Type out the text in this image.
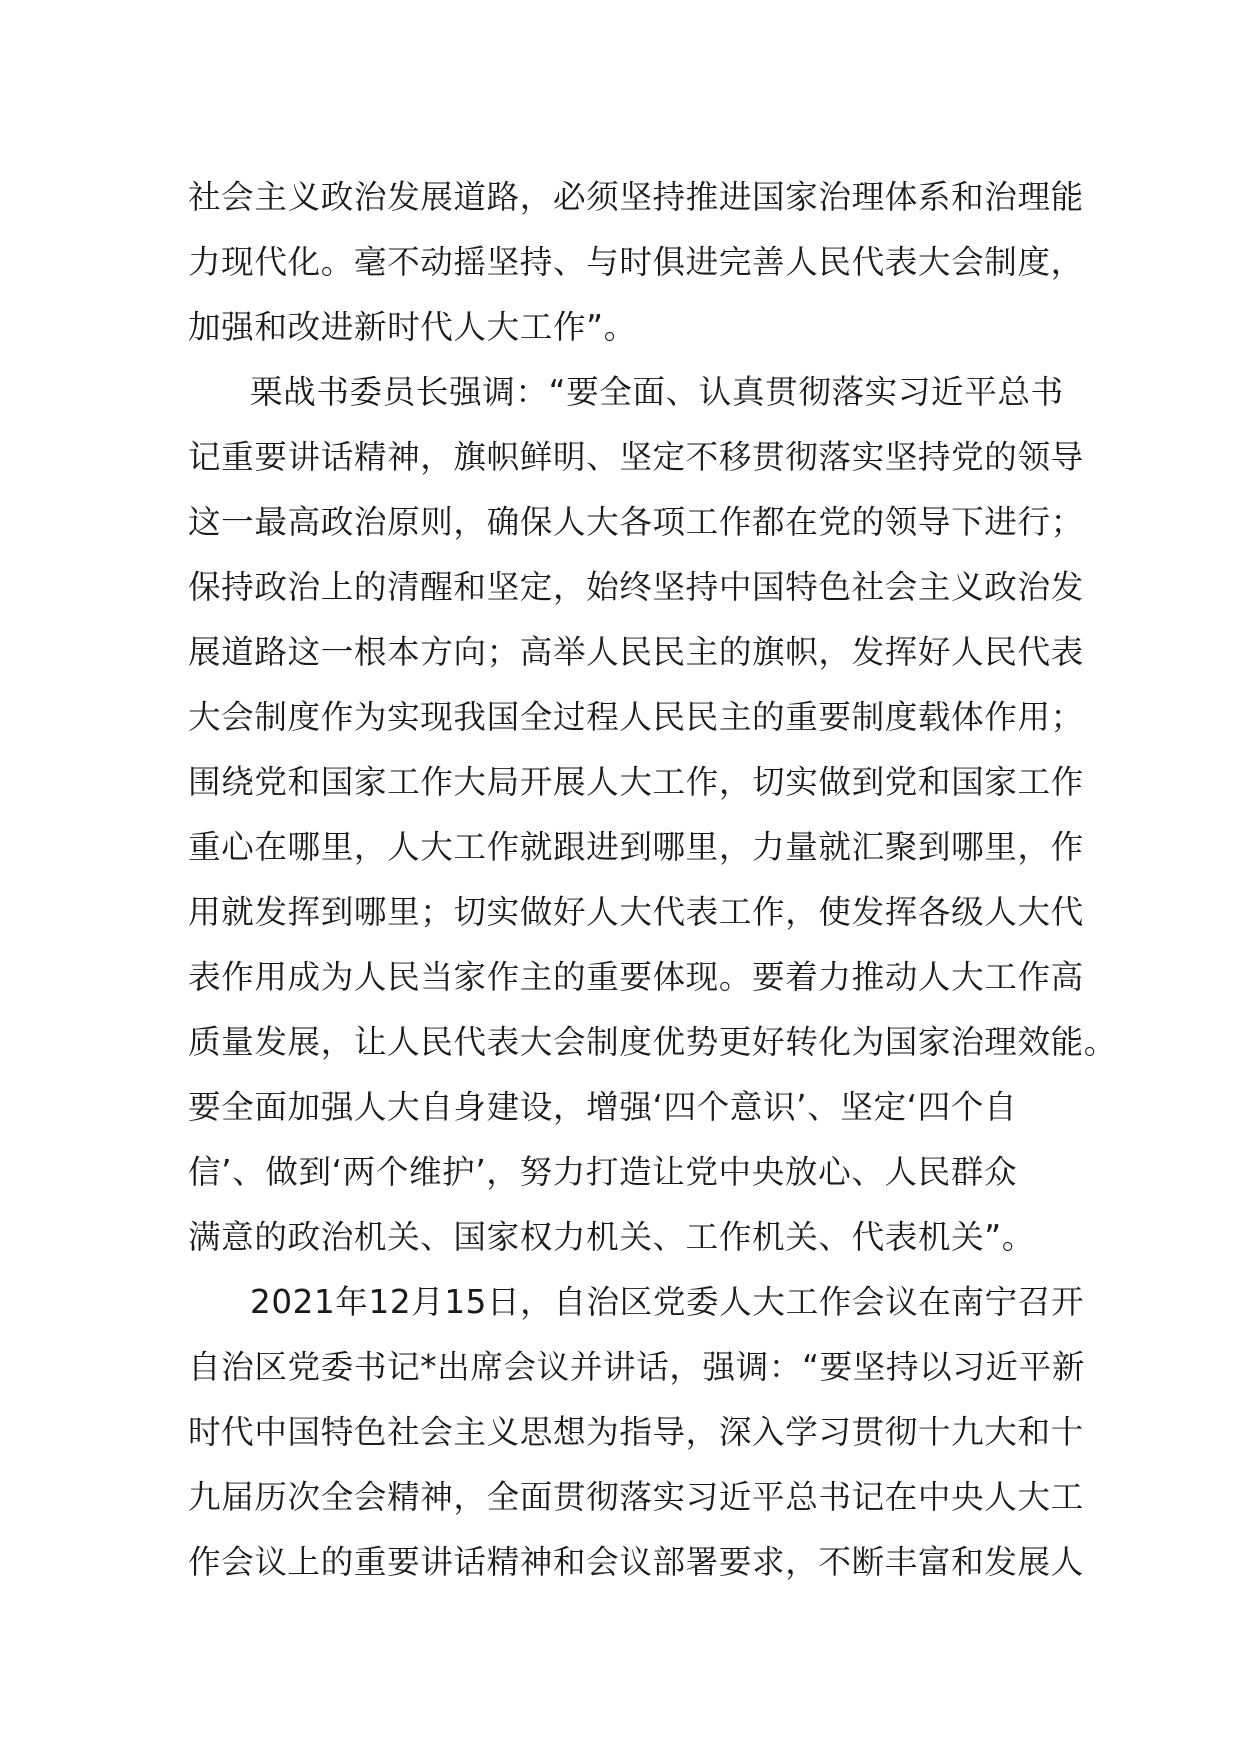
社会主义政治发展道路，必须坚持推进国家治理体系和治理能
力现代化。毫不动摇坚持、与时俱进完善人民代表大会制度，
加强和改进新时代人大工作”。
栗战书委员长强调：“要全面、认真贯彻落实习近平总书
记重要讲话精神，旗帜鲜明、坚定不移贯彻落实坚持党的领导
这一最高政治原则，确保人大各项工作都在党的领导下进行；
保持政治上的清醒和坚定，始终坚持中国特色社会主义政治发
展道路这一根本方向；高举人民民主的旗帜，发挥好人民代表
大会制度作为实现我国全过程人民民主的重要制度载体作用；
围绕党和国家工作大局开展人大工作，切实做到党和国家工作
重心在哪里，人大工作就跟进到哪里，力量就汇聚到哪里，作
用就发挥到哪里；切实做好人大代表工作，使发挥各级人大代
表作用成为人民当家作主的重要体现。要着力推动人大工作高
质量发展，让人民代表大会制度优势更好转化为国家治理效能。
要全面加强人大自身建设，增强‘四个意识’、坚定‘四个自
信’、做到‘两个维护’，努力打造让党中央放心、人民群众
满意的政治机关、国家权力机关、工作机关、代表机关”。
2021年12月15日，自治区党委人大工作会议在南宁召开
自治区党委书记*出席会议并讲话，强调：“要坚持以习近平新
时代中国特色社会主义思想为指导，深入学习贯彻十九大和十
九届历次全会精神，全面贯彻落实习近平总书记在中央人大工
作会议上的重要讲话精神和会议部署要求，不断丰富和发展人
